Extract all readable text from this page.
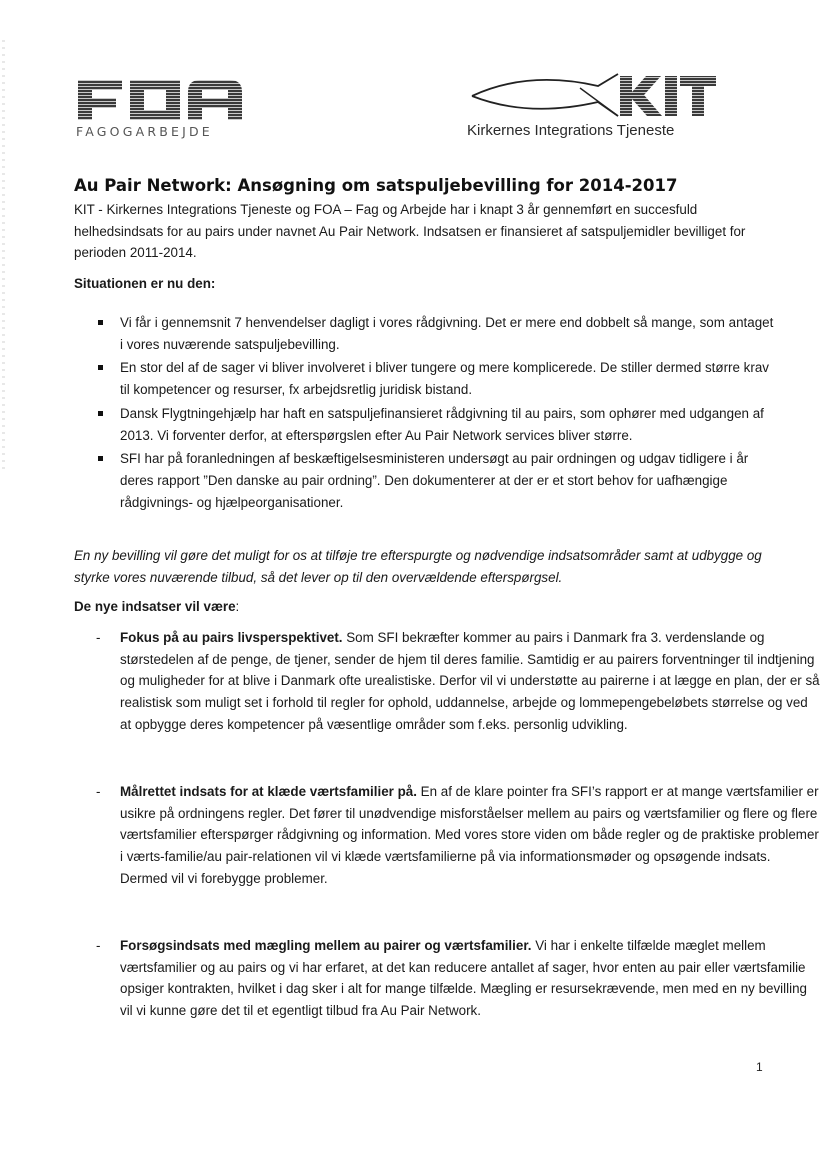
FAGOGARBEJDE	Kirkernes Integrations Tjeneste
Au Pair Network: Ansøgning om satspuljebevilling for 2014-2017

KIT - Kirkernes Integrations Tjeneste og FOA – Fag og Arbejde har i knapt 3 år gennemført en succesfuld helhedsindsats for au pairs under navnet Au Pair Network. Indsatsen er finansieret af satspuljemidler bevilliget for perioden 2011-2014.

Situationen er nu den:
Vi får i gennemsnit 7 henvendelser dagligt i vores rådgivning. Det er mere end dobbelt så mange, som antaget i vores nuværende satspuljebevilling.
En stor del af de sager vi bliver involveret i bliver tungere og mere komplicerede. De stiller dermed større krav til kompetencer og resurser, fx arbejdsretlig juridisk bistand.
Dansk Flygtningehjælp har haft en satspuljefinansieret rådgivning til au pairs, som ophører med udgangen af 2013. Vi forventer derfor, at efterspørgslen efter Au Pair Network services bliver større.
SFI har på foranledningen af beskæftigelsesministeren undersøgt au pair ordningen og udgav tidligere i år deres rapport ”Den danske au pair ordning”. Den dokumenterer at der er et stort behov for uafhængige rådgivnings- og hjælpeorganisationer.

En ny bevilling vil gøre det muligt for os at tilføje tre efterspurgte og nødvendige indsatsområder samt at udbygge og styrke vores nuværende tilbud, så det lever op til den overvældende efterspørgsel.

De nye indsatser vil være:
- Fokus på au pairs livsperspektivet. Som SFI bekræfter kommer au pairs i Danmark fra 3. verdenslande og størstedelen af de penge, de tjener, sender de hjem til deres familie. Samtidig er au pairers forventninger til indtjening og muligheder for at blive i Danmark ofte urealistiske. Derfor vil vi understøtte au pairerne i at lægge en plan, der er så realistisk som muligt set i forhold til regler for ophold, uddannelse, arbejde og lommepengebeløbets størrelse og ved at opbygge deres kompetencer på væsentlige områder som f.eks. personlig udvikling.
- Målrettet indsats for at klæde værtsfamilier på. En af de klare pointer fra SFI’s rapport er at mange værtsfamilier er usikre på ordningens regler. Det fører til unødvendige misforståelser mellem au pairs og værtsfamilier og flere og flere værtsfamilier efterspørger rådgivning og information. Med vores store viden om både regler og de praktiske problemer i værts-familie/au pair-relationen vil vi klæde værtsfamilierne på via informationsmøder og opsøgende indsats. Dermed vil vi forebygge problemer.
- Forsøgsindsats med mægling mellem au pairer og værtsfamilier. Vi har i enkelte tilfælde mæglet mellem værtsfamilier og au pairs og vi har erfaret, at det kan reducere antallet af sager, hvor enten au pair eller værtsfamilie opsiger kontrakten, hvilket i dag sker i alt for mange tilfælde. Mægling er resursekrævende, men med en ny bevilling vil vi kunne gøre det til et egentligt tilbud fra Au Pair Network.
1
